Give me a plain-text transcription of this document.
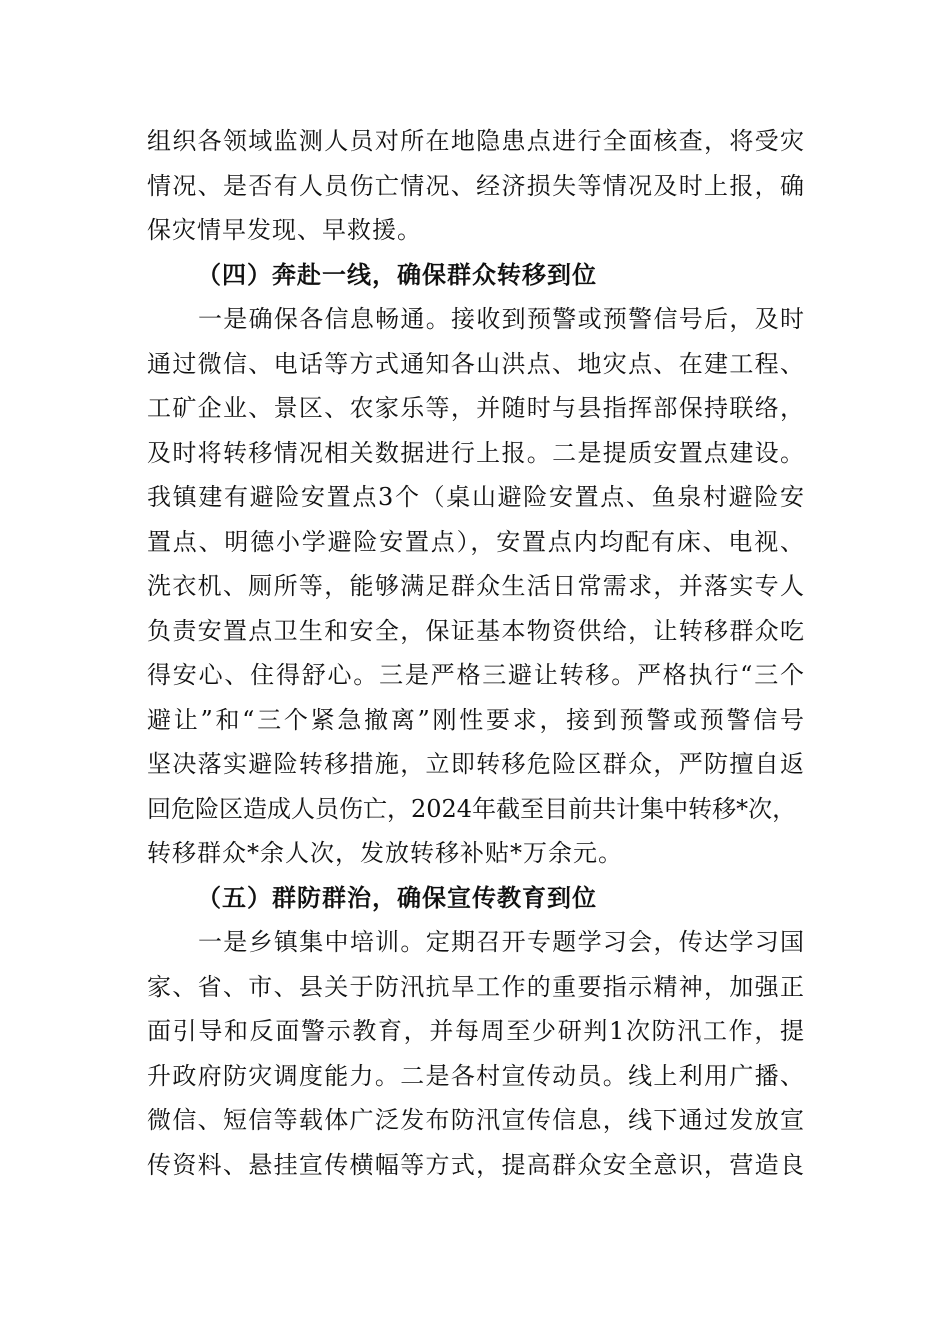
组织各领域监测人员对所在地隐患点进行全面核查，将受灾
情况、是否有人员伤亡情况、经济损失等情况及时上报，确
保灾情早发现、早救援。
（四）奔赴一线，确保群众转移到位
一是确保各信息畅通。接收到预警或预警信号后，及时
通过微信、电话等方式通知各山洪点、地灾点、在建工程、
工矿企业、景区、农家乐等，并随时与县指挥部保持联络，
及时将转移情况相关数据进行上报。二是提质安置点建设。
我镇建有避险安置点3个（桌山避险安置点、鱼泉村避险安
置点、明德小学避险安置点），安置点内均配有床、电视、
洗衣机、厕所等，能够满足群众生活日常需求，并落实专人
负责安置点卫生和安全，保证基本物资供给，让转移群众吃
得安心、住得舒心。三是严格三避让转移。严格执行“三个
避让”和“三个紧急撤离”刚性要求，接到预警或预警信号
坚决落实避险转移措施，立即转移危险区群众，严防擅自返
回危险区造成人员伤亡，2024年截至目前共计集中转移*次，
转移群众*余人次，发放转移补贴*万余元。
（五）群防群治，确保宣传教育到位
一是乡镇集中培训。定期召开专题学习会，传达学习国
家、省、市、县关于防汛抗旱工作的重要指示精神，加强正
面引导和反面警示教育，并每周至少研判1次防汛工作，提
升政府防灾调度能力。二是各村宣传动员。线上利用广播、
微信、短信等载体广泛发布防汛宣传信息，线下通过发放宣
传资料、悬挂宣传横幅等方式，提高群众安全意识，营造良
